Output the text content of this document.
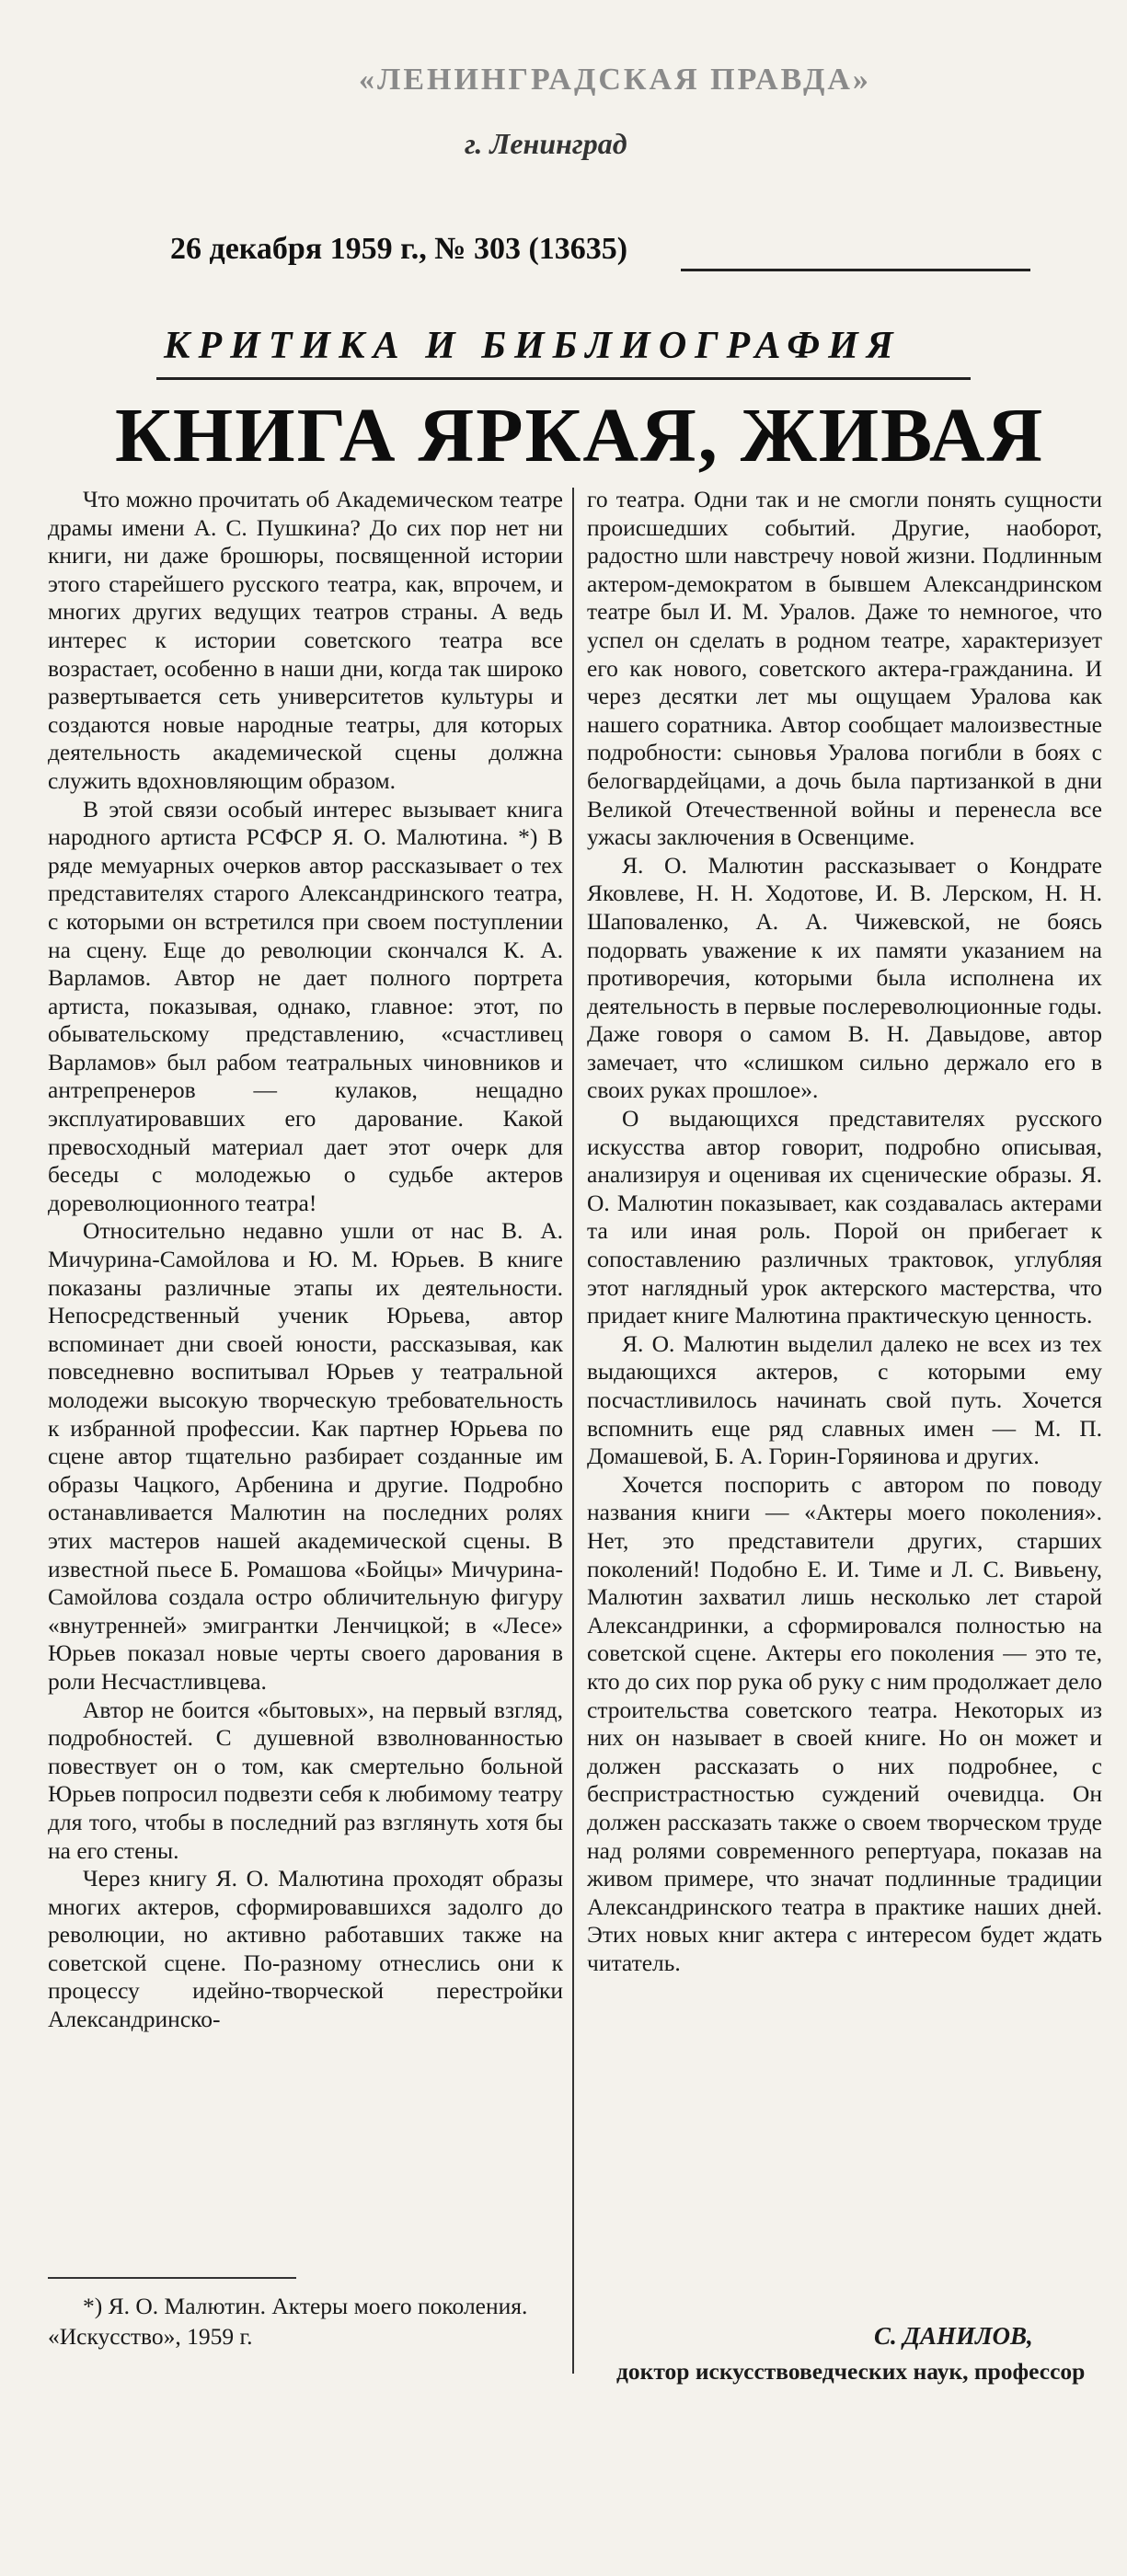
«ЛЕНИНГРАДСКАЯ ПРАВДА»
г. Ленинград
26 декабря 1959 г., № 303 (13635)
КРИТИКА И БИБЛИОГРАФИЯ
КНИГА ЯРКАЯ, ЖИВАЯ

Что можно прочитать об Академическом театре драмы имени А. С. Пушкина? До сих пор нет ни книги, ни даже брошюры, посвященной истории этого старейшего русского театра, как, впрочем, и многих других ведущих театров страны. А ведь интерес к истории советского театра все возрастает, особенно в наши дни, когда так широко развертывается сеть университетов культуры и создаются новые народные театры, для которых деятельность академической сцены должна служить вдохновляющим образом.

В этой связи особый интерес вызывает книга народного артиста РСФСР Я. О. Малютина. *) В ряде мемуарных очерков автор рассказывает о тех представителях старого Александринского театра, с которыми он встретился при своем поступлении на сцену. Еще до революции скончался К. А. Варламов. Автор не дает полного портрета артиста, показывая, однако, главное: этот, по обывательскому представлению, «счастливец Варламов» был рабом театральных чиновников и антрепренеров — кулаков, нещадно эксплуатировавших его дарование. Какой превосходный материал дает этот очерк для беседы с молодежью о судьбе актеров дореволюционного театра!

Относительно недавно ушли от нас В. А. Мичурина-Самойлова и Ю. М. Юрьев. В книге показаны различные этапы их деятельности. Непосредственный ученик Юрьева, автор вспоминает дни своей юности, рассказывая, как повседневно воспитывал Юрьев у театральной молодежи высокую творческую требовательность к избранной профессии. Как партнер Юрьева по сцене автор тщательно разбирает созданные им образы Чацкого, Арбенина и другие. Подробно останавливается Малютин на последних ролях этих мастеров нашей академической сцены. В известной пьесе Б. Ромашова «Бойцы» Мичурина-Самойлова создала остро обличительную фигуру «внутренней» эмигрантки Ленчицкой; в «Лесе» Юрьев показал новые черты своего дарования в роли Несчастливцева.

Автор не боится «бытовых», на первый взгляд, подробностей. С душевной взволнованностью повествует он о том, как смертельно больной Юрьев попросил подвезти себя к любимому театру для того, чтобы в последний раз взглянуть хотя бы на его стены.

Через книгу Я. О. Малютина проходят образы многих актеров, сформировавшихся задолго до революции, но активно работавших также на советской сцене. По-разному отнеслись они к процессу идейно-творческой перестройки Александринско-

го театра. Одни так и не смогли понять сущности происшедших событий. Другие, наоборот, радостно шли навстречу новой жизни. Подлинным актером-демократом в бывшем Александринском театре был И. М. Уралов. Даже то немногое, что успел он сделать в родном театре, характеризует его как нового, советского актера-гражданина. И через десятки лет мы ощущаем Уралова как нашего соратника. Автор сообщает малоизвестные подробности: сыновья Уралова погибли в боях с белогвардейцами, а дочь была партизанкой в дни Великой Отечественной войны и перенесла все ужасы заключения в Освенциме.

Я. О. Малютин рассказывает о Кондрате Яковлеве, Н. Н. Ходотове, И. В. Лерском, Н. Н. Шаповаленко, А. А. Чижевской, не боясь подорвать уважение к их памяти указанием на противоречия, которыми была исполнена их деятельность в первые послереволюционные годы. Даже говоря о самом В. Н. Давыдове, автор замечает, что «слишком сильно держало его в своих руках прошлое».

О выдающихся представителях русского искусства автор говорит, подробно описывая, анализируя и оценивая их сценические образы. Я. О. Малютин показывает, как создавалась актерами та или иная роль. Порой он прибегает к сопоставлению различных трактовок, углубляя этот наглядный урок актерского мастерства, что придает книге Малютина практическую ценность.

Я. О. Малютин выделил далеко не всех из тех выдающихся актеров, с которыми ему посчастливилось начинать свой путь. Хочется вспомнить еще ряд славных имен — М. П. Домашевой, Б. А. Горин-Горяинова и других.

Хочется поспорить с автором по поводу названия книги — «Актеры моего поколения». Нет, это представители других, старших поколений! Подобно Е. И. Тиме и Л. С. Вивьену, Малютин захватил лишь несколько лет старой Александринки, а сформировался полностью на советской сцене. Актеры его поколения — это те, кто до сих пор рука об руку с ним продолжает дело строительства советского театра. Некоторых из них он называет в своей книге. Но он может и должен рассказать о них подробнее, с беспристрастностью суждений очевидца. Он должен рассказать также о своем творческом труде над ролями современного репертуара, показав на живом примере, что значат подлинные традиции Александринского театра в практике наших дней. Этих новых книг актера с интересом будет ждать читатель.

*) Я. О. Малютин. Актеры моего поколения. «Искусство», 1959 г.	С. ДАНИЛОВ,
доктор искусствоведческих наук, профессор
